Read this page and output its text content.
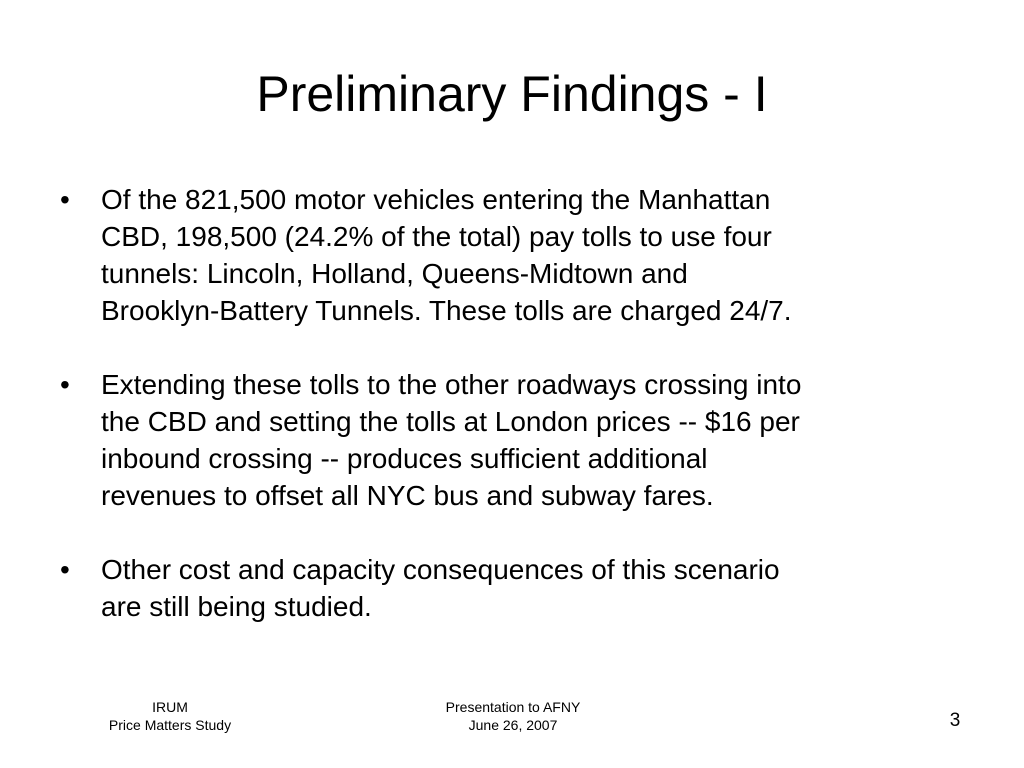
Preliminary Findings - I
• Of the 821,500 motor vehicles entering the Manhattan
CBD, 198,500 (24.2% of the total) pay tolls to use four
tunnels: Lincoln, Holland, Queens-Midtown and
Brooklyn-Battery Tunnels. These tolls are charged 24/7.
• Extending these tolls to the other roadways crossing into
the CBD and setting the tolls at London prices -- $16 per
inbound crossing -- produces sufficient additional
revenues to offset all NYC bus and subway fares.
• Other cost and capacity consequences of this scenario
are still being studied.
IRUM
Price Matters Study
Presentation to AFNY
June 26, 2007	3
